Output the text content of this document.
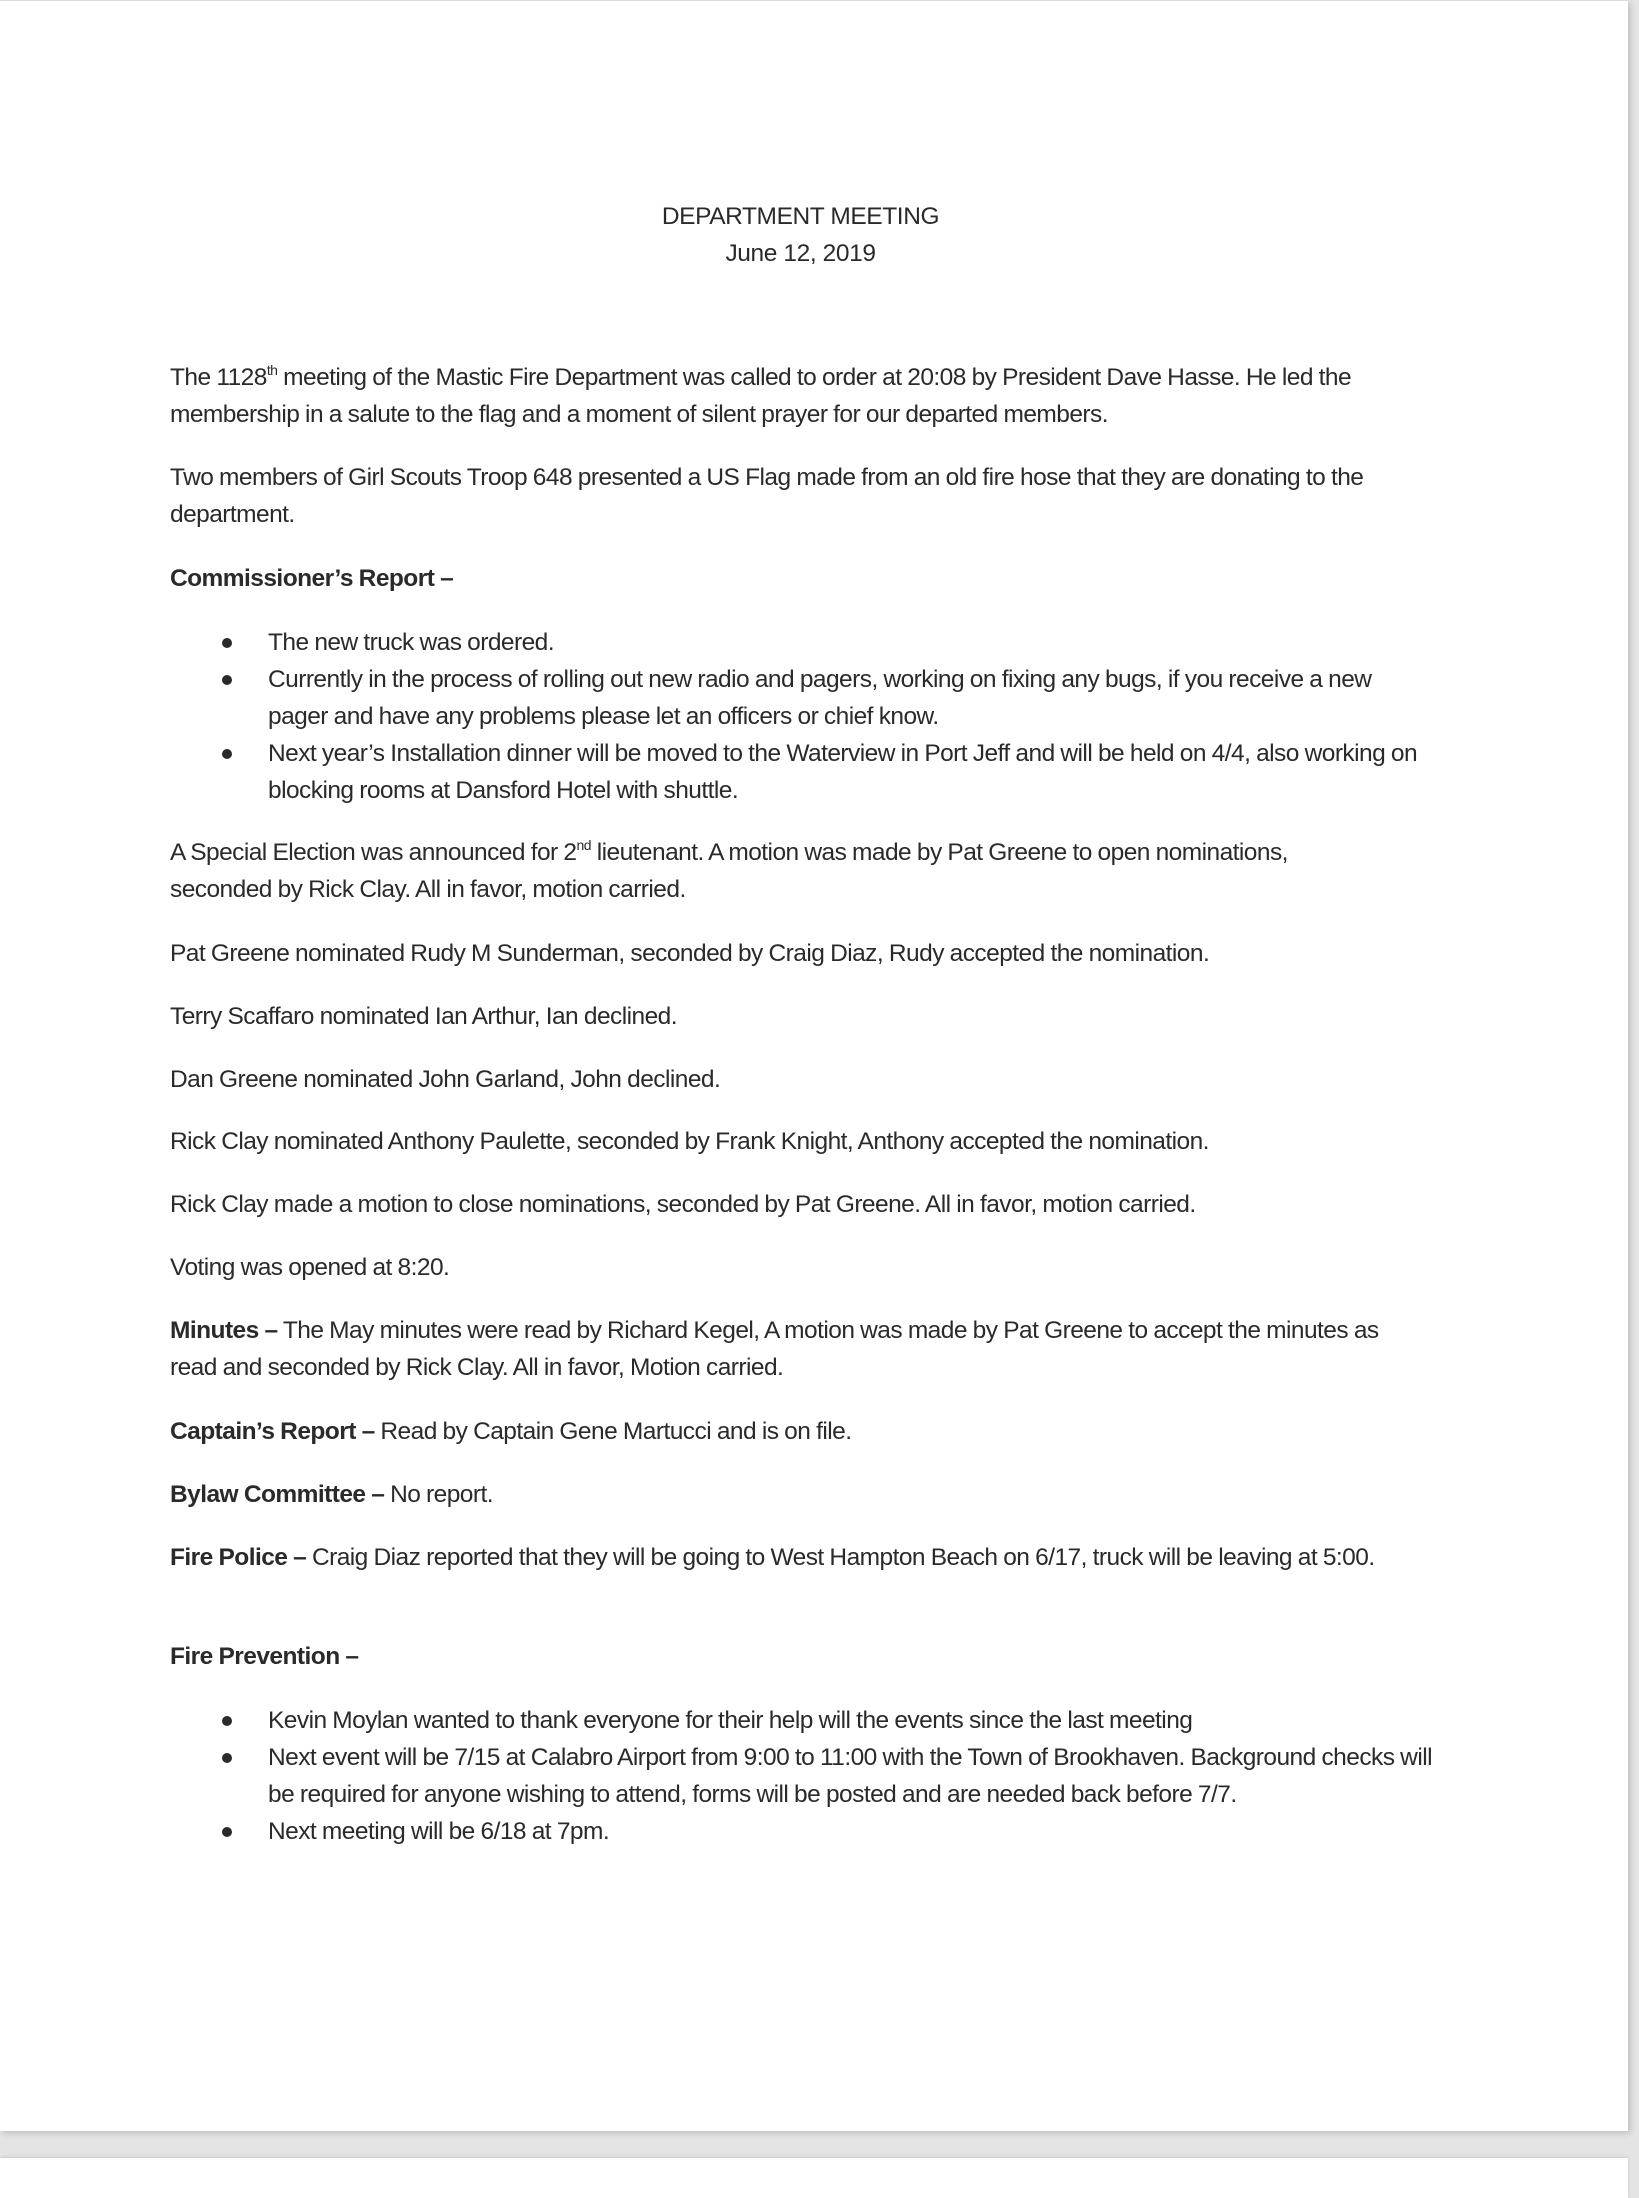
DEPARTMENT MEETING
June 12, 2019

The 1128th meeting of the Mastic Fire Department was called to order at 20:08 by President Dave Hasse. He led the membership in a salute to the flag and a moment of silent prayer for our departed members.

Two members of Girl Scouts Troop 648 presented a US Flag made from an old fire hose that they are donating to the department.

Commissioner’s Report –

The new truck was ordered.
Currently in the process of rolling out new radio and pagers, working on fixing any bugs, if you receive a new pager and have any problems please let an officers or chief know.
Next year’s Installation dinner will be moved to the Waterview in Port Jeff and will be held on 4/4, also working on blocking rooms at Dansford Hotel with shuttle.

A Special Election was announced for 2nd lieutenant. A motion was made by Pat Greene to open nominations, seconded by Rick Clay. All in favor, motion carried.

Pat Greene nominated Rudy M Sunderman, seconded by Craig Diaz, Rudy accepted the nomination.

Terry Scaffaro nominated Ian Arthur, Ian declined.

Dan Greene nominated John Garland, John declined.

Rick Clay nominated Anthony Paulette, seconded by Frank Knight, Anthony accepted the nomination.

Rick Clay made a motion to close nominations, seconded by Pat Greene. All in favor, motion carried.

Voting was opened at 8:20.

Minutes – The May minutes were read by Richard Kegel, A motion was made by Pat Greene to accept the minutes as read and seconded by Rick Clay. All in favor, Motion carried.

Captain’s Report – Read by Captain Gene Martucci and is on file.

Bylaw Committee – No report.

Fire Police – Craig Diaz reported that they will be going to West Hampton Beach on 6/17, truck will be leaving at 5:00.

Fire Prevention –

Kevin Moylan wanted to thank everyone for their help will the events since the last meeting
Next event will be 7/15 at Calabro Airport from 9:00 to 11:00 with the Town of Brookhaven. Background checks will be required for anyone wishing to attend, forms will be posted and are needed back before 7/7.
Next meeting will be 6/18 at 7pm.
